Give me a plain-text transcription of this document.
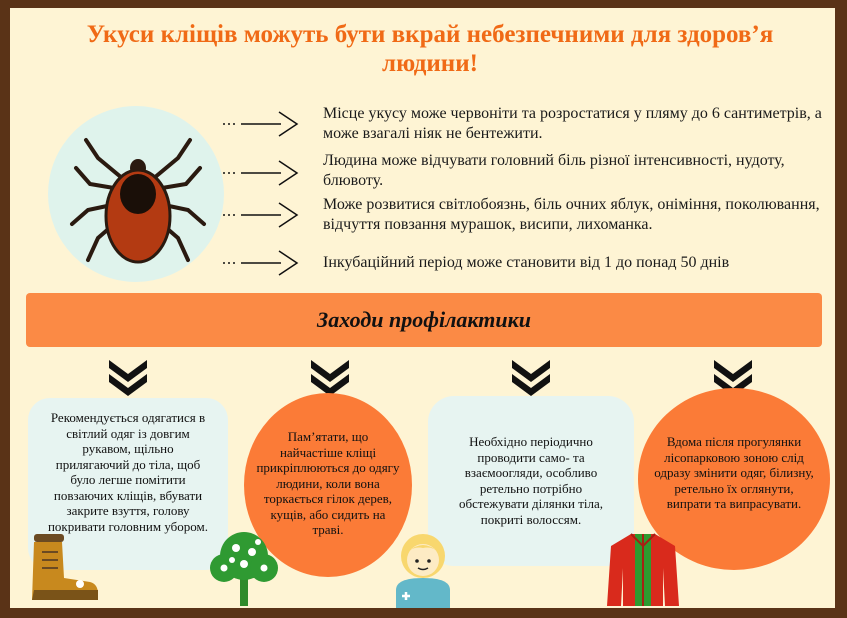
Укуси кліщів можуть бути вкрай небезпечними для здоров’я людини!
Місце укусу може червоніти та розростатися у пляму до 6 сантиметрів, а може взагалі ніяк не бентежити.
Людина може відчувати головний біль різної інтенсивності, нудоту, блювоту.
Може розвитися світлобоязнь, біль очних яблук, оніміння, поколювання, відчуття повзання мурашок, висипи, лихоманка.
Інкубаційний період може становити від 1 до понад 50 днів
Заходи профілактики
Рекомендується одягатися в світлий одяг із довгим рукавом, щільно прилягаючий до тіла, щоб було легше помітити повзаючих кліщів, вбувати закрите взуття, голову покривати головним убором.
Пам’ятати, що найчастіше кліщі прикріплюються до одягу людини, коли вона торкається гілок дерев, кущів, або сидить на траві.
Необхідно періодично проводити само- та взаємоогляди, особливо ретельно потрібно обстежувати ділянки тіла, покриті волоссям.
Вдома після прогулянки лісопарковою зоною слід одразу змінити одяг, білизну, ретельно їх оглянути, випрати та випрасувати.
